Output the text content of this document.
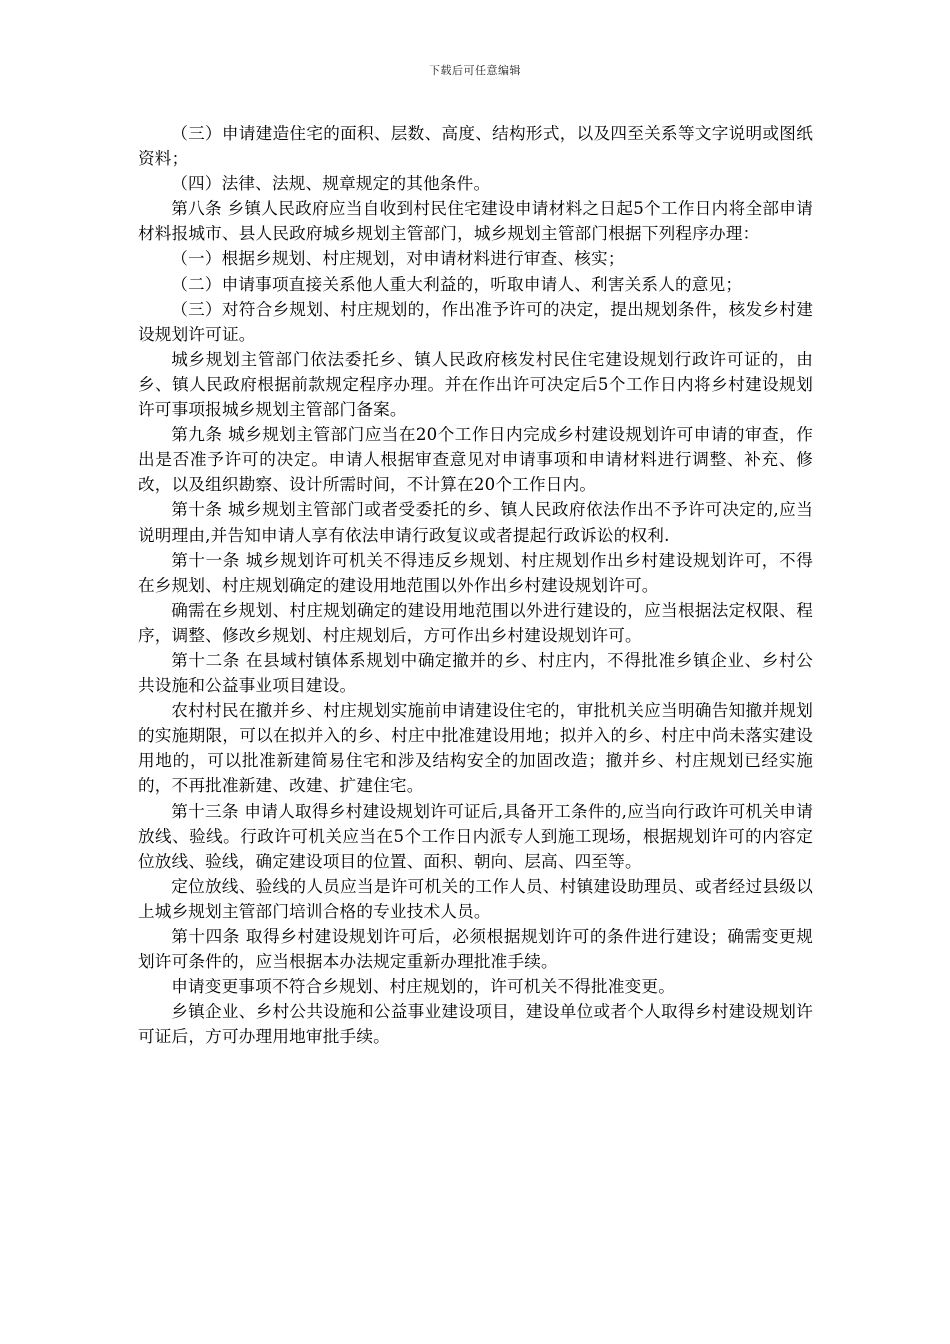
下载后可任意编辑

（三）申请建造住宅的面积、层数、高度、结构形式，以及四至关系等文字说明或图纸资料；

（四）法律、法规、规章规定的其他条件。

第八条 乡镇人民政府应当自收到村民住宅建设申请材料之日起5个工作日内将全部申请材料报城市、县人民政府城乡规划主管部门，城乡规划主管部门根据下列程序办理：

（一）根据乡规划、村庄规划，对申请材料进行审查、核实；

（二）申请事项直接关系他人重大利益的，听取申请人、利害关系人的意见；

（三）对符合乡规划、村庄规划的，作出准予许可的决定，提出规划条件，核发乡村建设规划许可证。

城乡规划主管部门依法委托乡、镇人民政府核发村民住宅建设规划行政许可证的，由乡、镇人民政府根据前款规定程序办理。并在作出许可决定后5个工作日内将乡村建设规划许可事项报城乡规划主管部门备案。

第九条 城乡规划主管部门应当在20个工作日内完成乡村建设规划许可申请的审查，作出是否准予许可的决定。申请人根据审查意见对申请事项和申请材料进行调整、补充、修改，以及组织勘察、设计所需时间，不计算在20个工作日内。

第十条 城乡规划主管部门或者受委托的乡、镇人民政府依法作出不予许可决定的,应当说明理由,并告知申请人享有依法申请行政复议或者提起行政诉讼的权利.

第十一条 城乡规划许可机关不得违反乡规划、村庄规划作出乡村建设规划许可，不得在乡规划、村庄规划确定的建设用地范围以外作出乡村建设规划许可。

确需在乡规划、村庄规划确定的建设用地范围以外进行建设的，应当根据法定权限、程序，调整、修改乡规划、村庄规划后，方可作出乡村建设规划许可。

第十二条 在县域村镇体系规划中确定撤并的乡、村庄内，不得批准乡镇企业、乡村公共设施和公益事业项目建设。

农村村民在撤并乡、村庄规划实施前申请建设住宅的，审批机关应当明确告知撤并规划的实施期限，可以在拟并入的乡、村庄中批准建设用地；拟并入的乡、村庄中尚未落实建设用地的，可以批准新建简易住宅和涉及结构安全的加固改造；撤并乡、村庄规划已经实施的，不再批准新建、改建、扩建住宅。

第十三条 申请人取得乡村建设规划许可证后,具备开工条件的,应当向行政许可机关申请放线、验线。行政许可机关应当在5个工作日内派专人到施工现场，根据规划许可的内容定位放线、验线，确定建设项目的位置、面积、朝向、层高、四至等。

定位放线、验线的人员应当是许可机关的工作人员、村镇建设助理员、或者经过县级以上城乡规划主管部门培训合格的专业技术人员。

第十四条 取得乡村建设规划许可后，必须根据规划许可的条件进行建设；确需变更规划许可条件的，应当根据本办法规定重新办理批准手续。

申请变更事项不符合乡规划、村庄规划的，许可机关不得批准变更。

乡镇企业、乡村公共设施和公益事业建设项目，建设单位或者个人取得乡村建设规划许可证后，方可办理用地审批手续。
